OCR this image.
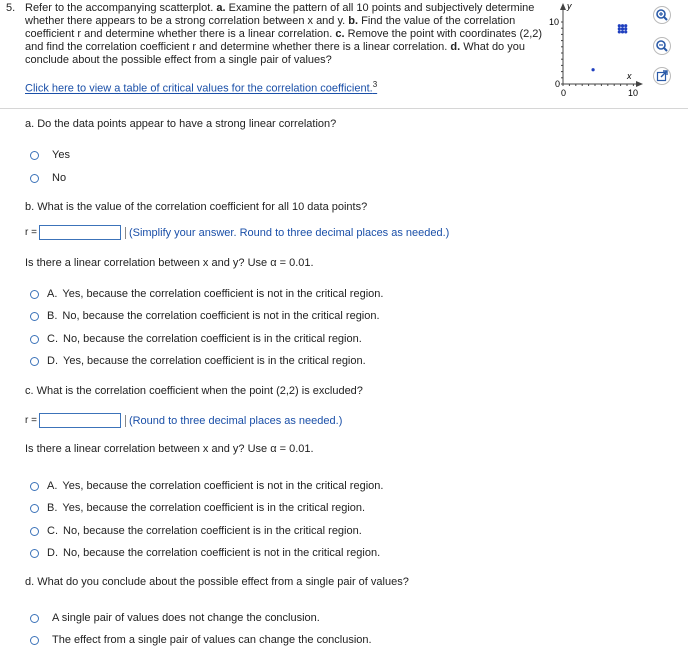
5. Refer to the accompanying scatterplot. a. Examine the pattern of all 10 points and subjectively determine whether there appears to be a strong correlation between x and y. b. Find the value of the correlation coefficient r and determine whether there is a linear correlation. c. Remove the point with coordinates (2,2) and find the correlation coefficient r and determine whether there is a linear correlation. d. What do you conclude about the possible effect from a single pair of values?
Click here to view a table of critical values for the correlation coefficient.$^3$
y
10
0
x
0	10
a. Do the data points appear to have a strong linear correlation?
Yes
No
b. What is the value of the correlation coefficient for all 10 data points?
r =	(Simplify your answer. Round to three decimal places as needed.)
Is there a linear correlation between x and y? Use α = 0.01.
A. Yes, because the correlation coefficient is not in the critical region.
B. No, because the correlation coefficient is not in the critical region.
C. No, because the correlation coefficient is in the critical region.
D. Yes, because the correlation coefficient is in the critical region.
c. What is the correlation coefficient when the point (2,2) is excluded?
r =	(Round to three decimal places as needed.)
Is there a linear correlation between x and y? Use α = 0.01.
A. Yes, because the correlation coefficient is not in the critical region.
B. Yes, because the correlation coefficient is in the critical region.
C. No, because the correlation coefficient is in the critical region.
D. No, because the correlation coefficient is not in the critical region.
d. What do you conclude about the possible effect from a single pair of values?
A single pair of values does not change the conclusion.
The effect from a single pair of values can change the conclusion.
